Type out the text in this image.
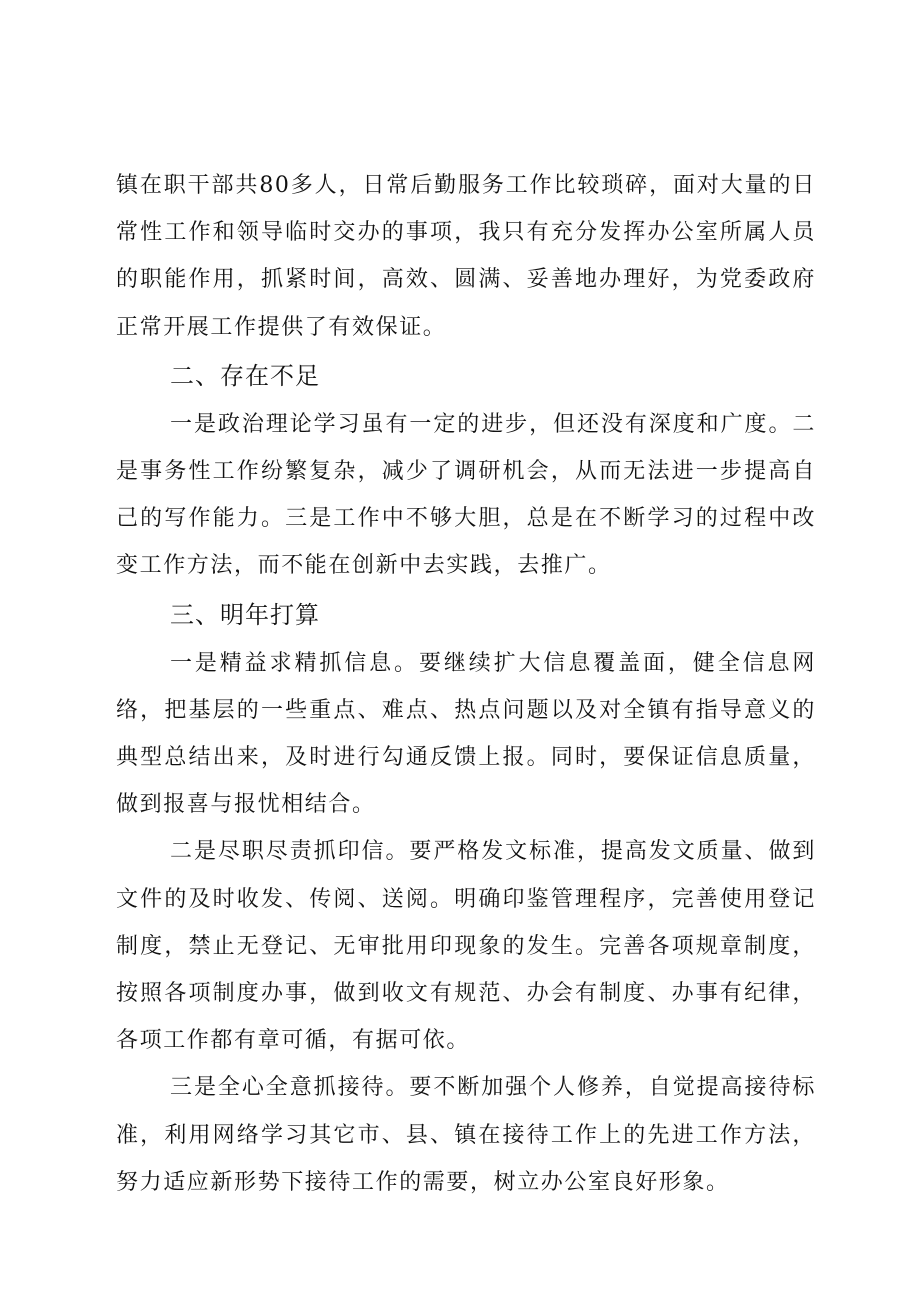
镇在职干部共80多人，日常后勤服务工作比较琐碎，面对大量的日常性工作和领导临时交办的事项，我只有充分发挥办公室所属人员的职能作用，抓紧时间，高效、圆满、妥善地办理好，为党委政府正常开展工作提供了有效保证。

二、存在不足

一是政治理论学习虽有一定的进步，但还没有深度和广度。二是事务性工作纷繁复杂，减少了调研机会，从而无法进一步提高自己的写作能力。三是工作中不够大胆，总是在不断学习的过程中改变工作方法，而不能在创新中去实践，去推广。

三、明年打算

一是精益求精抓信息。要继续扩大信息覆盖面，健全信息网络，把基层的一些重点、难点、热点问题以及对全镇有指导意义的典型总结出来，及时进行勾通反馈上报。同时，要保证信息质量，做到报喜与报忧相结合。

二是尽职尽责抓印信。要严格发文标准，提高发文质量、做到文件的及时收发、传阅、送阅。明确印鉴管理程序，完善使用登记制度，禁止无登记、无审批用印现象的发生。完善各项规章制度，按照各项制度办事，做到收文有规范、办会有制度、办事有纪律，各项工作都有章可循，有据可依。

三是全心全意抓接待。要不断加强个人修养，自觉提高接待标准，利用网络学习其它市、县、镇在接待工作上的先进工作方法，努力适应新形势下接待工作的需要，树立办公室良好形象。
